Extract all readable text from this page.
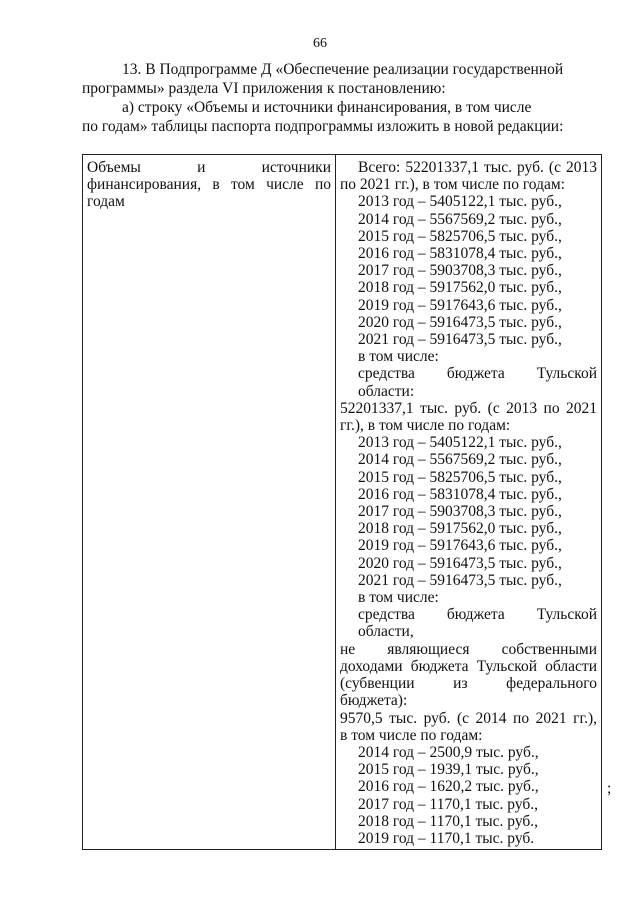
66

13. В Подпрограмме Д «Обеспечение реализации государственной

программы» раздела VI приложения к постановлению:

а) строку «Объемы и источники финансирования, в том числе

по годам» таблицы паспорта подпрограммы изложить в новой редакции:

Объемы и источники
финансирования, в том числе по
годам

Всего: 52201337,1 тыс. руб. (с 2013
по 2021 гг.), в том числе по годам:
2013 год – 5405122,1 тыс. руб.,
2014 год – 5567569,2 тыс. руб.,
2015 год – 5825706,5 тыс. руб.,
2016 год – 5831078,4 тыс. руб.,
2017 год – 5903708,3 тыс. руб.,
2018 год – 5917562,0 тыс. руб.,
2019 год – 5917643,6 тыс. руб.,
2020 год – 5916473,5 тыс. руб.,
2021 год – 5916473,5 тыс. руб.,
в том числе:
средства бюджета Тульской области:
52201337,1 тыс. руб. (с 2013 по 2021
гг.), в том числе по годам:
2013 год – 5405122,1 тыс. руб.,
2014 год – 5567569,2 тыс. руб.,
2015 год – 5825706,5 тыс. руб.,
2016 год – 5831078,4 тыс. руб.,
2017 год – 5903708,3 тыс. руб.,
2018 год – 5917562,0 тыс. руб.,
2019 год – 5917643,6 тыс. руб.,
2020 год – 5916473,5 тыс. руб.,
2021 год – 5916473,5 тыс. руб.,
в том числе:
средства бюджета Тульской области,
не являющиеся собственными
доходами бюджета Тульской области
(субвенции из федерального бюджета):
9570,5 тыс. руб. (с 2014 по 2021 гг.),
в том числе по годам:
2014 год – 2500,9 тыс. руб.,
2015 год – 1939,1 тыс. руб.,
2016 год – 1620,2 тыс. руб.,
2017 год – 1170,1 тыс. руб.,
2018 год – 1170,1 тыс. руб.,
2019 год – 1170,1 тыс. руб.
;
